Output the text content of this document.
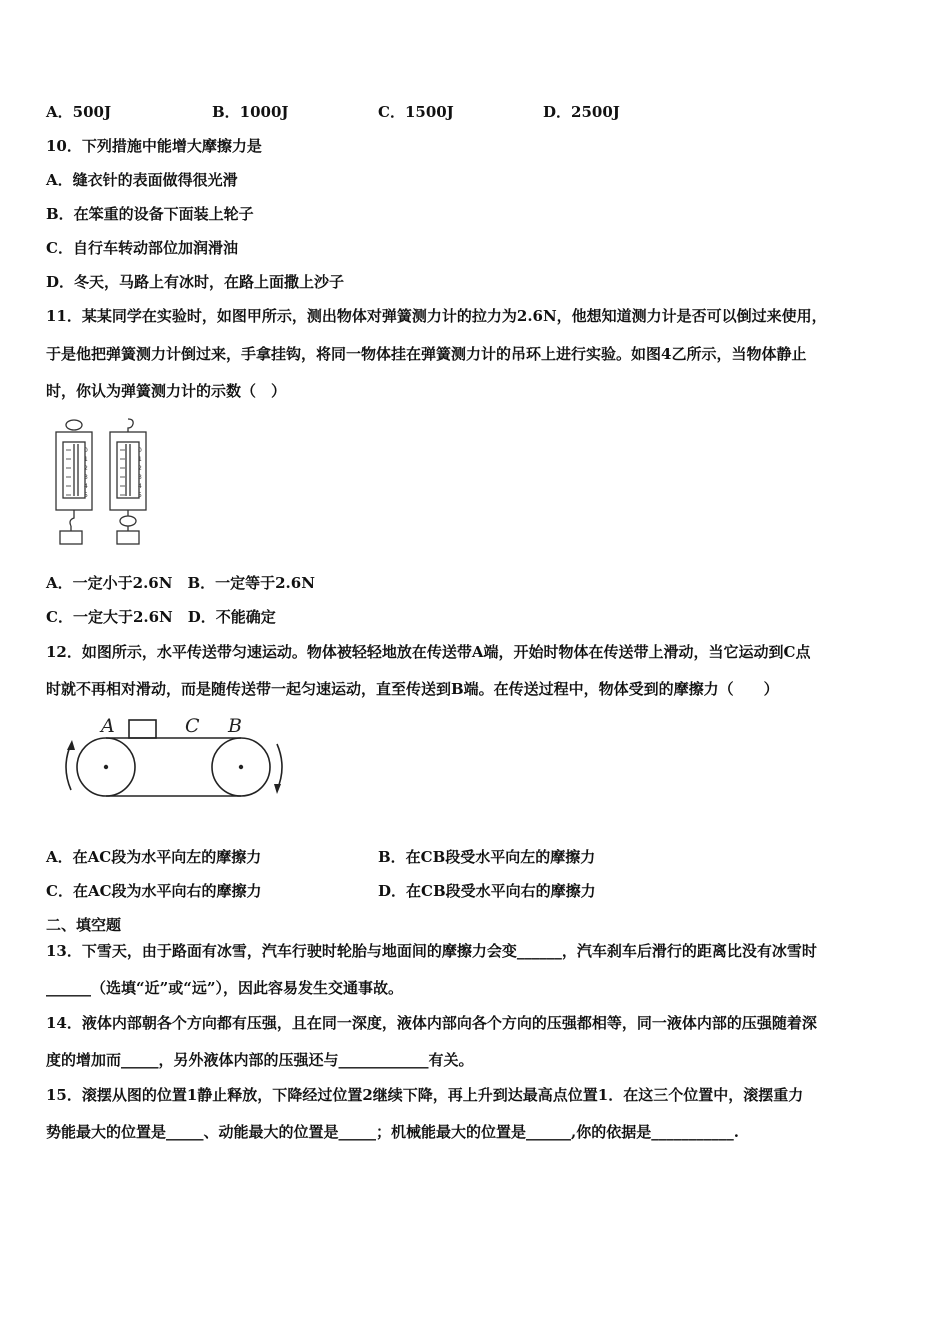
A．500J	B．1000J	C．1500J	D．2500J
10．下列措施中能增大摩擦力是
A．缝衣针的表面做得很光滑
B．在笨重的设备下面装上轮子
C．自行车转动部位加润滑油
D．冬天，马路上有冰时，在路上面撒上沙子
11．某某同学在实验时，如图甲所示，测出物体对弹簧测力计的拉力为2.6N，他想知道测力计是否可以倒过来使用，
于是他把弹簧测力计倒过来，手拿挂钩，将同一物体挂在弹簧测力计的吊环上进行实验。如图4乙所示，当物体静止
时，你认为弹簧测力计的示数（　）
0
1
2
3
4
5
0
1
2
3
4
5
A．一定小于2.6N　B．一定等于2.6N
C．一定大于2.6N　D．不能确定
12．如图所示，水平传送带匀速运动。物体被轻轻地放在传送带A端，开始时物体在传送带上滑动，当它运动到C点
时就不再相对滑动，而是随传送带一起匀速运动，直至传送到B端。在传送过程中，物体受到的摩擦力（　　）
A	C B
A．在AC段为水平向左的摩擦力	B．在CB段受水平向左的摩擦力
C．在AC段为水平向右的摩擦力	D．在CB段受水平向右的摩擦力
二、填空题
13．下雪天，由于路面有冰雪，汽车行驶时轮胎与地面间的摩擦力会变______，汽车刹车后滑行的距离比没有冰雪时
______（选填“近”或“远”），因此容易发生交通事故。
14．液体内部朝各个方向都有压强，且在同一深度，液体内部向各个方向的压强都相等，同一液体内部的压强随着深
度的增加而_____，另外液体内部的压强还与____________有关。
15．滚摆从图的位置1静止释放，下降经过位置2继续下降，再上升到达最高点位置1．在这三个位置中，滚摆重力
势能最大的位置是_____、动能最大的位置是_____；机械能最大的位置是______,你的依据是___________.
